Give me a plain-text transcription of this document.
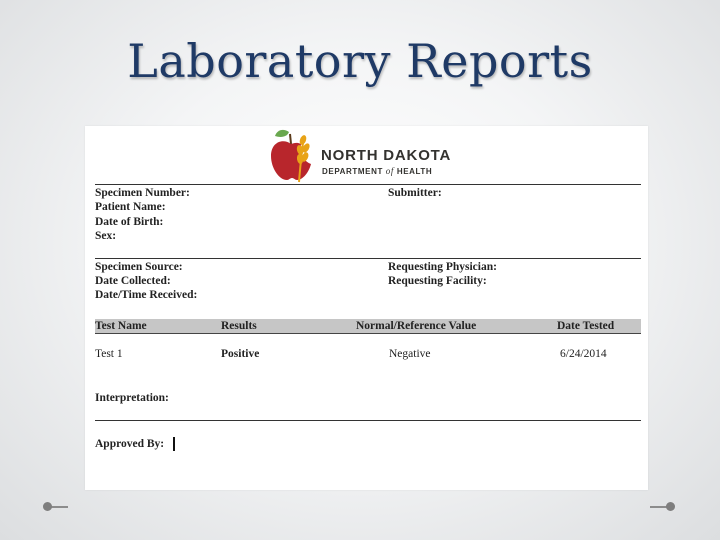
Laboratory Reports
NORTH DAKOTA
DEPARTMENT of HEALTH
Specimen Number:
Patient Name:
Date of Birth:
Sex:
Submitter:
Specimen Source:
Date Collected:
Date/Time Received:
Requesting Physician:
Requesting Facility:
Test Name	Results	Normal/Reference Value	Date Tested
Test 1	Positive	Negative	6/24/2014
Interpretation:
Approved By:
